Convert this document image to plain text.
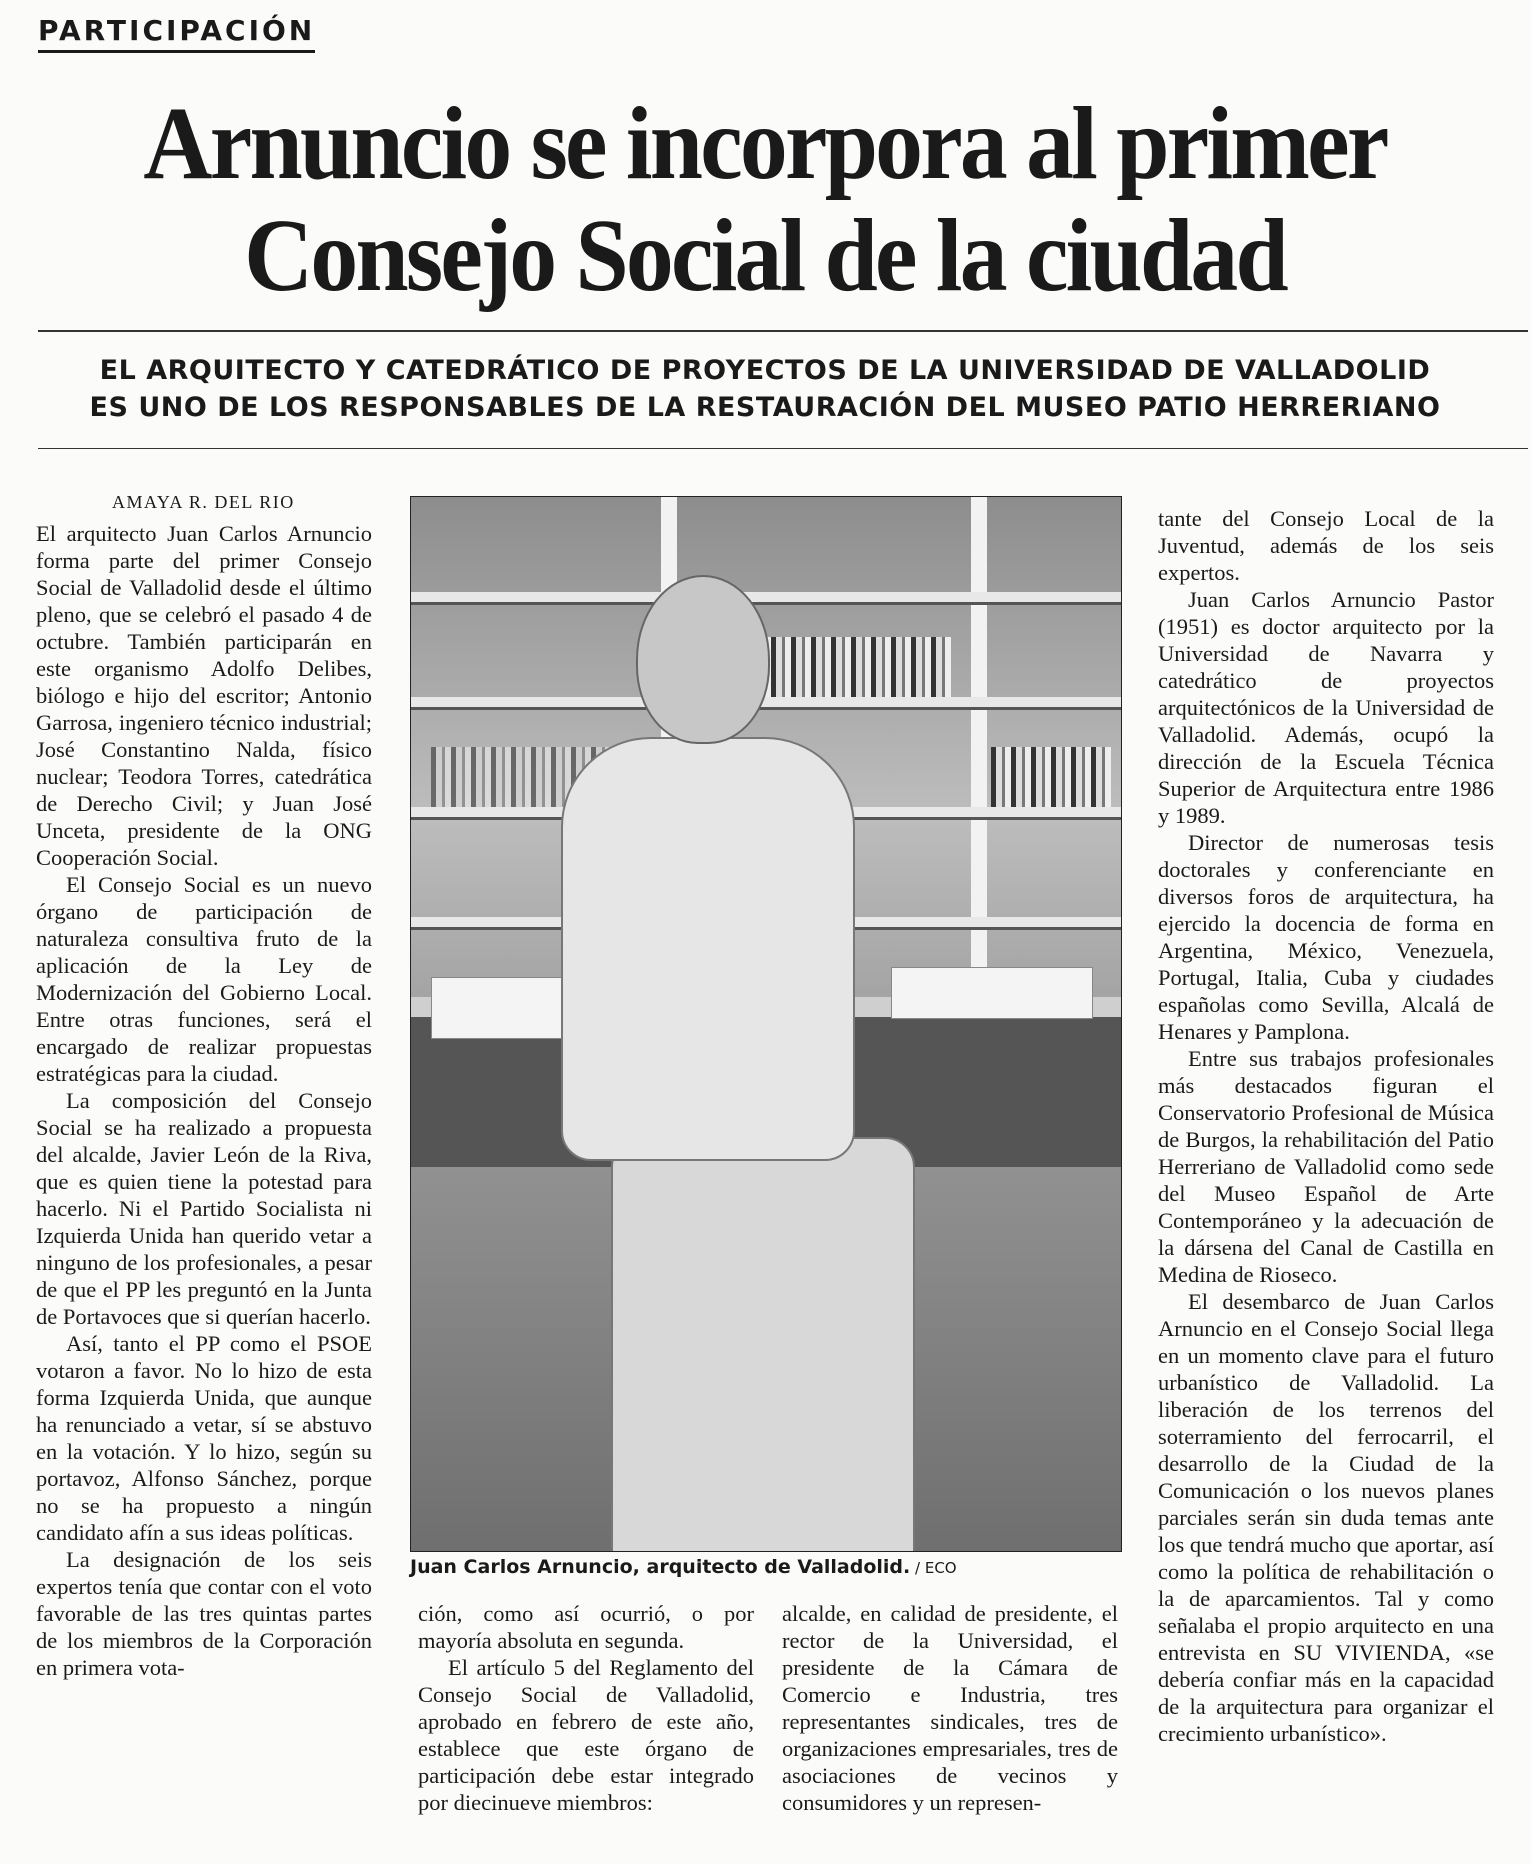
PARTICIPACIÓN
Arnuncio se incorpora al primer
Consejo Social de la ciudad
EL ARQUITECTO Y CATEDRÁTICO DE PROYECTOS DE LA UNIVERSIDAD DE VALLADOLID
ES UNO DE LOS RESPONSABLES DE LA RESTAURACIÓN DEL MUSEO PATIO HERRERIANO
AMAYA R. DEL RIO

El arquitecto Juan Carlos Arnuncio forma parte del primer Consejo Social de Valladolid desde el último pleno, que se celebró el pasado 4 de octubre. También participarán en este organismo Adolfo Delibes, biólogo e hijo del escritor; Antonio Garrosa, ingeniero técnico industrial; José Constantino Nalda, físico nuclear; Teodora Torres, catedrática de Derecho Civil; y Juan José Unceta, presidente de la ONG Cooperación Social.

El Consejo Social es un nuevo órgano de participación de naturaleza consultiva fruto de la aplicación de la Ley de Modernización del Gobierno Local. Entre otras funciones, será el encargado de realizar propuestas estratégicas para la ciudad.

La composición del Consejo Social se ha realizado a propuesta del alcalde, Javier León de la Riva, que es quien tiene la potestad para hacerlo. Ni el Partido Socialista ni Izquierda Unida han querido vetar a ninguno de los profesionales, a pesar de que el PP les preguntó en la Junta de Portavoces que si querían hacerlo.

Así, tanto el PP como el PSOE votaron a favor. No lo hizo de esta forma Izquierda Unida, que aunque ha renunciado a vetar, sí se abstuvo en la votación. Y lo hizo, según su portavoz, Alfonso Sánchez, porque no se ha propuesto a ningún candidato afín a sus ideas políticas.

La designación de los seis expertos tenía que contar con el voto favorable de las tres quintas partes de los miembros de la Corporación en primera vota-

Juan Carlos Arnuncio, arquitecto de Valladolid. / ECO

ción, como así ocurrió, o por mayoría absoluta en segunda.

El artículo 5 del Reglamento del Consejo Social de Valladolid, aprobado en febrero de este año, establece que este órgano de participación debe estar integrado por diecinueve miembros:

alcalde, en calidad de presidente, el rector de la Universidad, el presidente de la Cámara de Comercio e Industria, tres representantes sindicales, tres de organizaciones empresariales, tres de asociaciones de vecinos y consumidores y un represen-

tante del Consejo Local de la Juventud, además de los seis expertos.

Juan Carlos Arnuncio Pastor (1951) es doctor arquitecto por la Universidad de Navarra y catedrático de proyectos arquitectónicos de la Universidad de Valladolid. Además, ocupó la dirección de la Escuela Técnica Superior de Arquitectura entre 1986 y 1989.

Director de numerosas tesis doctorales y conferenciante en diversos foros de arquitectura, ha ejercido la docencia de forma en Argentina, México, Venezuela, Portugal, Italia, Cuba y ciudades españolas como Sevilla, Alcalá de Henares y Pamplona.

Entre sus trabajos profesionales más destacados figuran el Conservatorio Profesional de Música de Burgos, la rehabilitación del Patio Herreriano de Valladolid como sede del Museo Español de Arte Contemporáneo y la adecuación de la dársena del Canal de Castilla en Medina de Rioseco.

El desembarco de Juan Carlos Arnuncio en el Consejo Social llega en un momento clave para el futuro urbanístico de Valladolid. La liberación de los terrenos del soterramiento del ferrocarril, el desarrollo de la Ciudad de la Comunicación o los nuevos planes parciales serán sin duda temas ante los que tendrá mucho que aportar, así como la política de rehabilitación o la de aparcamientos. Tal y como señalaba el propio arquitecto en una entrevista en SU VIVIENDA, «se debería confiar más en la capacidad de la arquitectura para organizar el crecimiento urbanístico».
